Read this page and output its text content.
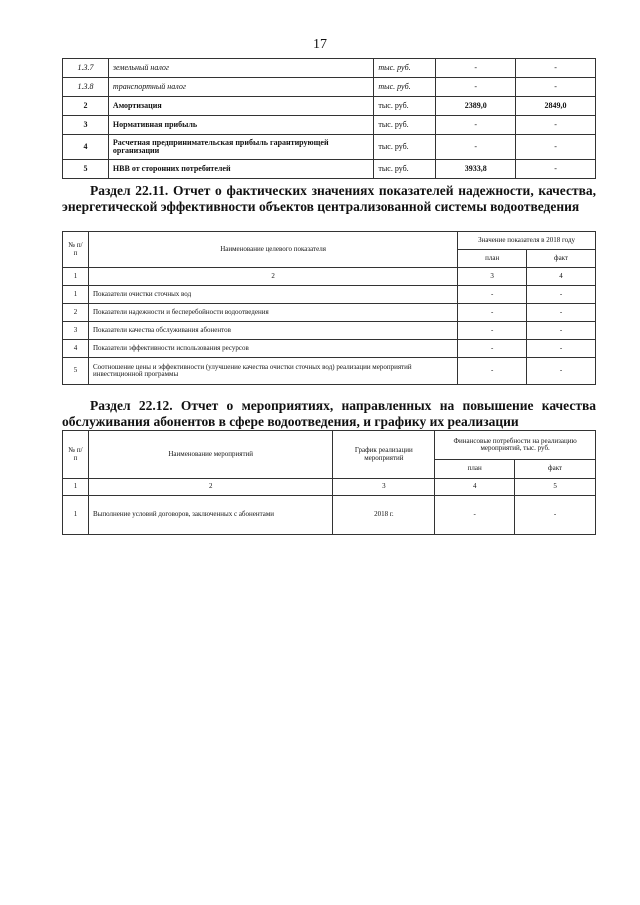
17
1.3.7	земельный налог	тыс. руб.	-	-
1.3.8	транспортный налог	тыс. руб.	-	-
2	Амортизация	тыс. руб.	2389,0	2849,0
3	Нормативная прибыль	тыс. руб.	-	-
4	Расчетная предпринимательская прибыль гарантирующей организации	тыс. руб.	-	-
5	НВВ от сторонних потребителей	тыс. руб.	3933,8	-
Раздел 22.11. Отчет о фактических значениях показателей надежности, качества, энергетической эффективности объектов централизованной системы водоотведения
№ п/п	Наименование целевого показателя	Значение показателя в 2018 году	
		план	факт
1	2	3	4
1	Показатели очистки сточных вод	-	-
2	Показатели надежности и бесперебойности водоотведения	-	-
3	Показатели качества обслуживания абонентов	-	-
4	Показатели эффективности использования ресурсов	-	-
5	Соотношение цены и эффективности (улучшение качества очистки сточных вод) реализации мероприятий инвестиционной программы	-	-
Раздел 22.12. Отчет о мероприятиях, направленных на повышение качества обслуживания абонентов в сфере водоотведения, и графику их реализации
№ п/п	Наименование мероприятий	График реализации мероприятий	Финансовые потребности на реализацию мероприятий, тыс. руб.	
			план	факт
1	2	3	4	5
1	Выполнение условий договоров, заключенных с абонентами	2018 г.	-	-
